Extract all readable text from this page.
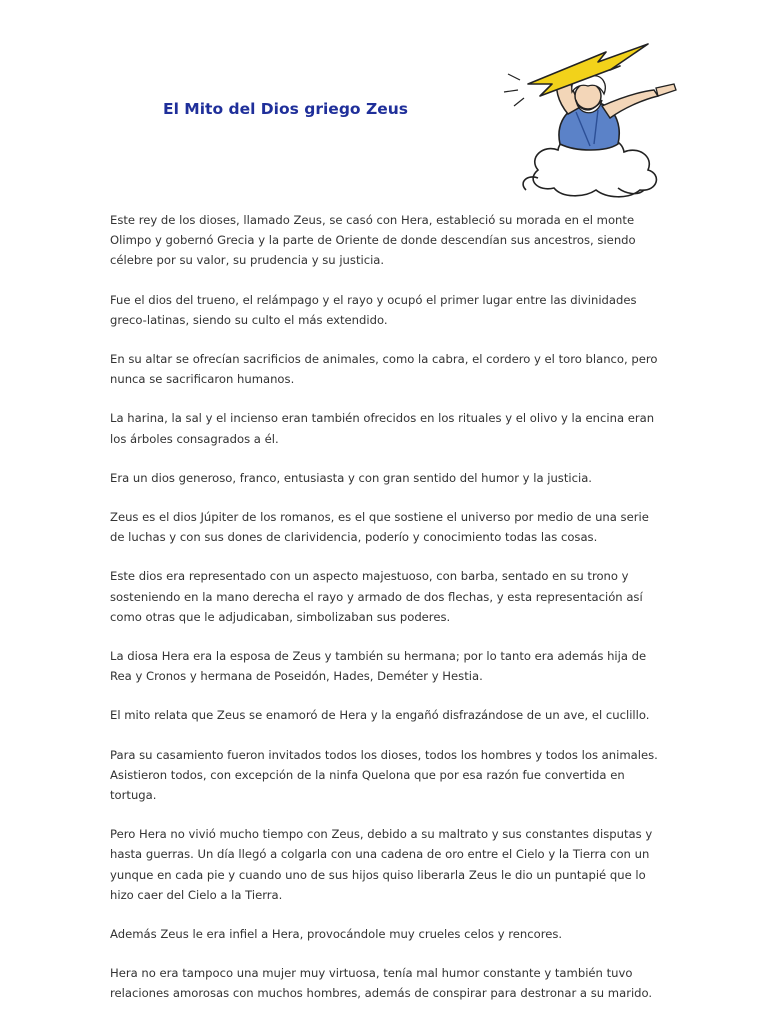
El Mito del Dios griego Zeus

Este rey de los dioses, llamado Zeus, se casó con Hera, estableció su morada en el monte Olimpo y gobernó Grecia y la parte de Oriente de donde descendían sus ancestros, siendo célebre por su valor, su prudencia y su justicia.

Fue el dios del trueno, el relámpago y el rayo y ocupó el primer lugar entre las divinidades greco-latinas, siendo su culto el más extendido.

En su altar se ofrecían sacrificios de animales, como la cabra, el cordero y el toro blanco, pero nunca se sacrificaron humanos.

La harina, la sal y el incienso eran también ofrecidos en los rituales y el olivo y la encina eran los árboles consagrados a él.

Era un dios generoso, franco, entusiasta y con gran sentido del humor y la justicia.

Zeus es el dios Júpiter de los romanos, es el que sostiene el universo por medio de una serie de luchas y con sus dones de clarividencia, poderío y conocimiento todas las cosas.

Este dios era representado con un aspecto majestuoso, con barba, sentado en su trono y sosteniendo en la mano derecha el rayo y armado de dos flechas, y esta representación así como otras que le adjudicaban, simbolizaban sus poderes.

La diosa Hera era la esposa de Zeus y también su hermana; por lo tanto era además hija de Rea y Cronos y hermana de Poseidón, Hades, Deméter y Hestia.

El mito relata que Zeus se enamoró de Hera y la engañó disfrazándose de un ave, el cuclillo.

Para su casamiento fueron invitados todos los dioses, todos los hombres y todos los animales. Asistieron todos, con excepción de la ninfa Quelona que por esa razón fue convertida en tortuga.

Pero Hera no vivió mucho tiempo con Zeus, debido a su maltrato y sus constantes disputas y hasta guerras. Un día llegó a colgarla con una cadena de oro entre el Cielo y la Tierra con un yunque en cada pie y cuando uno de sus hijos quiso liberarla Zeus le dio un puntapié que lo hizo caer del Cielo a la Tierra.

Además Zeus le era infiel a Hera, provocándole muy crueles celos y rencores.

Hera no era tampoco una mujer muy virtuosa, tenía mal humor constante y también tuvo relaciones amorosas con muchos hombres, además de conspirar para destronar a su marido.
